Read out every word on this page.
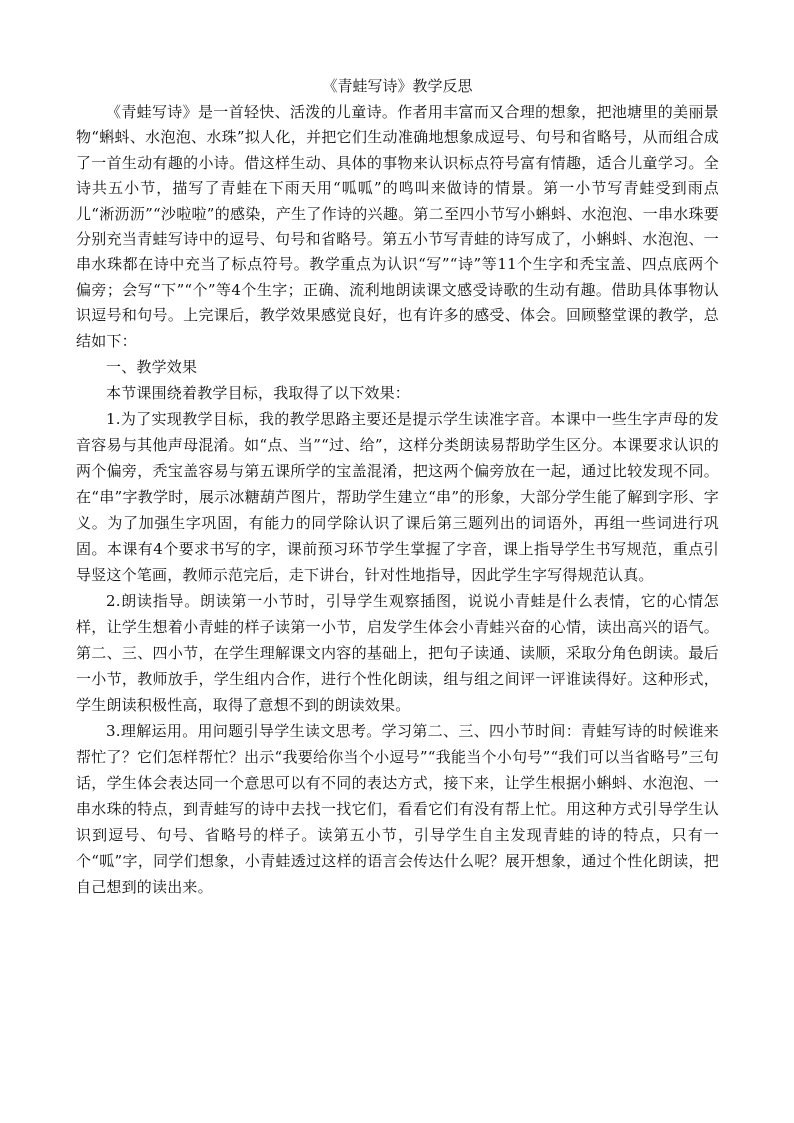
《青蛙写诗》教学反思

《青蛙写诗》是一首轻快、活泼的儿童诗。作者用丰富而又合理的想象，把池塘里的美丽景物“蝌蚪、水泡泡、水珠”拟人化，并把它们生动准确地想象成逗号、句号和省略号，从而组合成了一首生动有趣的小诗。借这样生动、具体的事物来认识标点符号富有情趣，适合儿童学习。全诗共五小节，描写了青蛙在下雨天用“呱呱”的鸣叫来做诗的情景。第一小节写青蛙受到雨点儿“淅沥沥”“沙啦啦”的感染，产生了作诗的兴趣。第二至四小节写小蝌蚪、水泡泡、一串水珠要分别充当青蛙写诗中的逗号、句号和省略号。第五小节写青蛙的诗写成了，小蝌蚪、水泡泡、一串水珠都在诗中充当了标点符号。教学重点为认识“写”“诗”等11个生字和秃宝盖、四点底两个偏旁；会写“下”“个”等4个生字；正确、流利地朗读课文感受诗歌的生动有趣。借助具体事物认识逗号和句号。上完课后，教学效果感觉良好，也有许多的感受、体会。回顾整堂课的教学，总结如下：

一、教学效果

本节课围绕着教学目标，我取得了以下效果：

1.为了实现教学目标，我的教学思路主要还是提示学生读准字音。本课中一些生字声母的发音容易与其他声母混淆。如“点、当”“过、给”，这样分类朗读易帮助学生区分。本课要求认识的两个偏旁，秃宝盖容易与第五课所学的宝盖混淆，把这两个偏旁放在一起，通过比较发现不同。在“串”字教学时，展示冰糖葫芦图片，帮助学生建立“串”的形象，大部分学生能了解到字形、字义。为了加强生字巩固，有能力的同学除认识了课后第三题列出的词语外，再组一些词进行巩固。本课有4个要求书写的字，课前预习环节学生掌握了字音，课上指导学生书写规范，重点引导竖这个笔画，教师示范完后，走下讲台，针对性地指导，因此学生字写得规范认真。

2.朗读指导。朗读第一小节时，引导学生观察插图，说说小青蛙是什么表情，它的心情怎样，让学生想着小青蛙的样子读第一小节，启发学生体会小青蛙兴奋的心情，读出高兴的语气。第二、三、四小节，在学生理解课文内容的基础上，把句子读通、读顺，采取分角色朗读。最后一小节，教师放手，学生组内合作，进行个性化朗读，组与组之间评一评谁读得好。这种形式，学生朗读积极性高，取得了意想不到的朗读效果。

3.理解运用。用问题引导学生读文思考。学习第二、三、四小节时间：青蛙写诗的时候谁来帮忙了？它们怎样帮忙？出示“我要给你当个小逗号”“我能当个小句号”“我们可以当省略号”三句话，学生体会表达同一个意思可以有不同的表达方式，接下来，让学生根据小蝌蚪、水泡泡、一串水珠的特点，到青蛙写的诗中去找一找它们，看看它们有没有帮上忙。用这种方式引导学生认识到逗号、句号、省略号的样子。读第五小节，引导学生自主发现青蛙的诗的特点，只有一个“呱”字，同学们想象，小青蛙透过这样的语言会传达什么呢？展开想象，通过个性化朗读，把自己想到的读出来。
